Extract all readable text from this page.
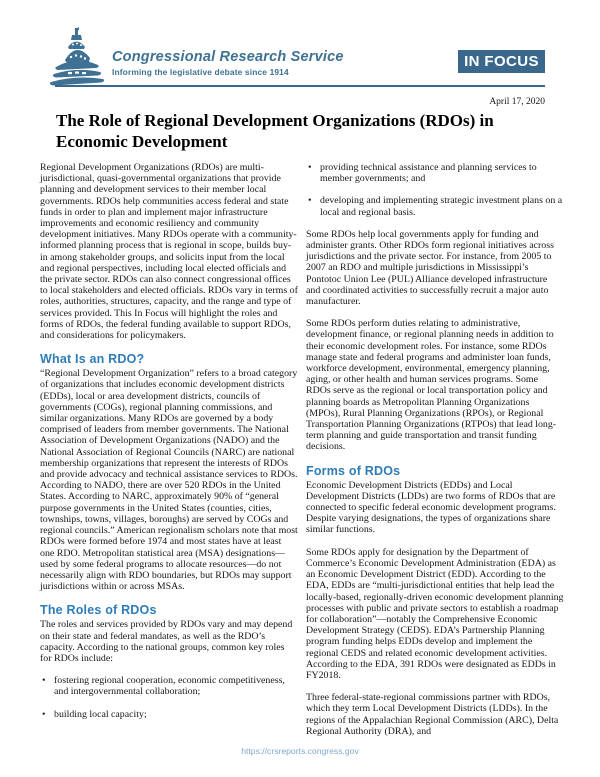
Congressional Research Service
Informing the legislative debate since 1914
IN FOCUS
April 17, 2020
The Role of Regional Development Organizations (RDOs) in Economic Development

Regional Development Organizations (RDOs) are multi-jurisdictional, quasi-governmental organizations that provide planning and development services to their member local governments. RDOs help communities access federal and state funds in order to plan and implement major infrastructure improvements and economic resiliency and community development initiatives. Many RDOs operate with a community-informed planning process that is regional in scope, builds buy-in among stakeholder groups, and solicits input from the local and regional perspectives, including local elected officials and the private sector. RDOs can also connect congressional offices to local stakeholders and elected officials. RDOs vary in terms of roles, authorities, structures, capacity, and the range and type of services provided. This In Focus will highlight the roles and forms of RDOs, the federal funding available to support RDOs, and considerations for policymakers.

What Is an RDO?

“Regional Development Organization” refers to a broad category of organizations that includes economic development districts (EDDs), local or area development districts, councils of governments (COGs), regional planning commissions, and similar organizations. Many RDOs are governed by a body comprised of leaders from member governments. The National Association of Development Organizations (NADO) and the National Association of Regional Councils (NARC) are national membership organizations that represent the interests of RDOs and provide advocacy and technical assistance services to RDOs. According to NADO, there are over 520 RDOs in the United States. According to NARC, approximately 90% of “general purpose governments in the United States (counties, cities, townships, towns, villages, boroughs) are served by COGs and regional councils.” American regionalism scholars note that most RDOs were formed before 1974 and most states have at least one RDO. Metropolitan statistical area (MSA) designations—used by some federal programs to allocate resources—do not necessarily align with RDO boundaries, but RDOs may support jurisdictions within or across MSAs.

The Roles of RDOs

The roles and services provided by RDOs vary and may depend on their state and federal mandates, as well as the RDO’s capacity. According to the national groups, common key roles for RDOs include:

• fostering regional cooperation, economic competitiveness, and intergovernmental collaboration;
• building local capacity;
• providing technical assistance and planning services to member governments; and
• developing and implementing strategic investment plans on a local and regional basis.

Some RDOs help local governments apply for funding and administer grants. Other RDOs form regional initiatives across jurisdictions and the private sector. For instance, from 2005 to 2007 an RDO and multiple jurisdictions in Mississippi’s Pontotoc Union Lee (PUL) Alliance developed infrastructure and coordinated activities to successfully recruit a major auto manufacturer.

Some RDOs perform duties relating to administrative, development finance, or regional planning needs in addition to their economic development roles. For instance, some RDOs manage state and federal programs and administer loan funds, workforce development, environmental, emergency planning, aging, or other health and human services programs. Some RDOs serve as the regional or local transportation policy and planning boards as Metropolitan Planning Organizations (MPOs), Rural Planning Organizations (RPOs), or Regional Transportation Planning Organizations (RTPOs) that lead long-term planning and guide transportation and transit funding decisions.

Forms of RDOs

Economic Development Districts (EDDs) and Local Development Districts (LDDs) are two forms of RDOs that are connected to specific federal economic development programs. Despite varying designations, the types of organizations share similar functions.

Some RDOs apply for designation by the Department of Commerce’s Economic Development Administration (EDA) as an Economic Development District (EDD). According to the EDA, EDDs are “multi-jurisdictional entities that help lead the locally-based, regionally-driven economic development planning processes with public and private sectors to establish a roadmap for collaboration”—notably the Comprehensive Economic Development Strategy (CEDS). EDA’s Partnership Planning program funding helps EDDs develop and implement the regional CEDS and related economic development activities. According to the EDA, 391 RDOs were designated as EDDs in FY2018.

Three federal-state-regional commissions partner with RDOs, which they term Local Development Districts (LDDs). In the regions of the Appalachian Regional Commission (ARC), Delta Regional Authority (DRA), and

https://crsreports.congress.gov
